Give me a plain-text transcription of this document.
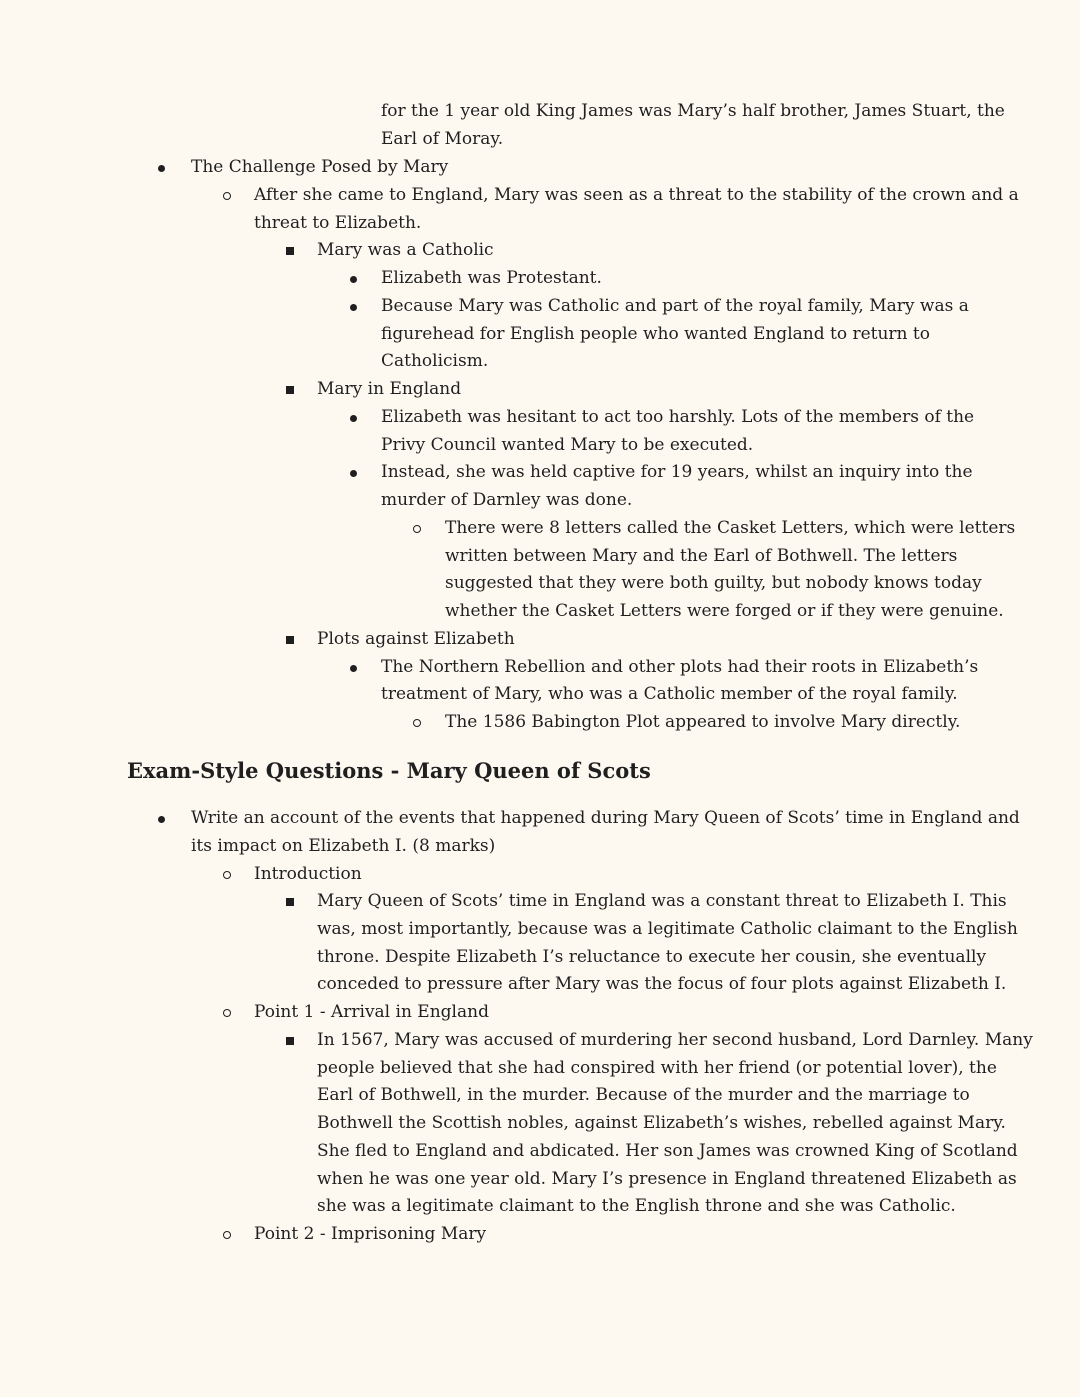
for the 1 year old King James was Mary’s half brother, James Stuart, the
Earl of Moray.
The Challenge Posed by Mary
After she came to England, Mary was seen as a threat to the stability of the crown and a
threat to Elizabeth.
Mary was a Catholic
Elizabeth was Protestant.
Because Mary was Catholic and part of the royal family, Mary was a
figurehead for English people who wanted England to return to
Catholicism.
Mary in England
Elizabeth was hesitant to act too harshly. Lots of the members of the
Privy Council wanted Mary to be executed.
Instead, she was held captive for 19 years, whilst an inquiry into the
murder of Darnley was done.
There were 8 letters called the Casket Letters, which were letters
written between Mary and the Earl of Bothwell. The letters
suggested that they were both guilty, but nobody knows today
whether the Casket Letters were forged or if they were genuine.
Plots against Elizabeth
The Northern Rebellion and other plots had their roots in Elizabeth’s
treatment of Mary, who was a Catholic member of the royal family.
The 1586 Babington Plot appeared to involve Mary directly.
Exam-Style Questions - Mary Queen of Scots
Write an account of the events that happened during Mary Queen of Scots’ time in England and
its impact on Elizabeth I. (8 marks)
Introduction
Mary Queen of Scots’ time in England was a constant threat to Elizabeth I. This
was, most importantly, because was a legitimate Catholic claimant to the English
throne. Despite Elizabeth I’s reluctance to execute her cousin, she eventually
conceded to pressure after Mary was the focus of four plots against Elizabeth I.
Point 1 - Arrival in England
In 1567, Mary was accused of murdering her second husband, Lord Darnley. Many
people believed that she had conspired with her friend (or potential lover), the
Earl of Bothwell, in the murder. Because of the murder and the marriage to
Bothwell the Scottish nobles, against Elizabeth’s wishes, rebelled against Mary.
She fled to England and abdicated. Her son James was crowned King of Scotland
when he was one year old. Mary I’s presence in England threatened Elizabeth as
she was a legitimate claimant to the English throne and she was Catholic.
Point 2 - Imprisoning Mary
